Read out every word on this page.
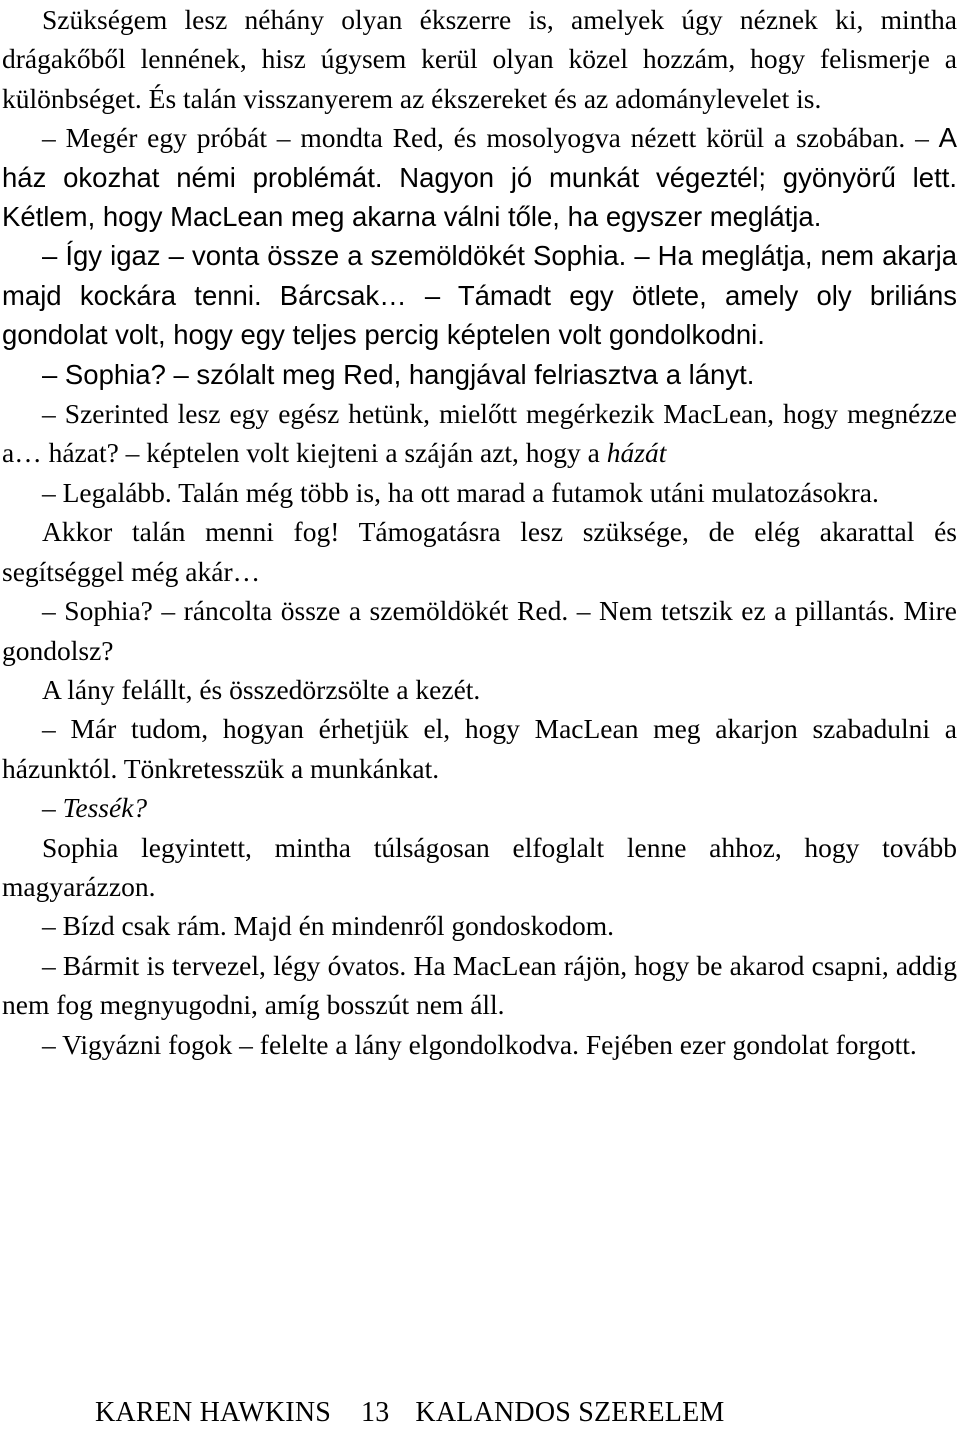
Szükségem lesz néhány olyan ékszerre is, amelyek úgy néznek ki, mintha drágakőből lennének, hisz úgysem kerül olyan közel hozzám, hogy felismerje a különbséget. És talán visszanyerem az ékszereket és az adománylevelet is.

– Megér egy próbát – mondta Red, és mosolyogva nézett körül a szobában. – A ház okozhat némi problémát. Nagyon jó munkát végeztél; gyönyörű lett. Kétlem, hogy MacLean meg akarna válni tőle, ha egyszer meglátja.

– Így igaz – vonta össze a szemöldökét Sophia. – Ha meglátja, nem akarja majd kockára tenni. Bárcsak… – Támadt egy ötlete, amely oly briliáns gondolat volt, hogy egy teljes percig képtelen volt gondolkodni.

– Sophia? – szólalt meg Red, hangjával felriasztva a lányt.

– Szerinted lesz egy egész hetünk, mielőtt megérkezik MacLean, hogy megnézze a… házat? – képtelen volt kiejteni a száján azt, hogy a házát

– Legalább. Talán még több is, ha ott marad a futamok utáni mulatozásokra.

Akkor talán menni fog! Támogatásra lesz szüksége, de elég akarattal és segítséggel még akár…

– Sophia? – ráncolta össze a szemöldökét Red. – Nem tetszik ez a pillantás. Mire gondolsz?

A lány felállt, és összedörzsölte a kezét.

– Már tudom, hogyan érhetjük el, hogy MacLean meg akarjon szabadulni a házunktól. Tönkretesszük a munkánkat.

– Tessék?

Sophia legyintett, mintha túlságosan elfoglalt lenne ahhoz, hogy tovább magyarázzon.

– Bízd csak rám. Majd én mindenről gondoskodom.

– Bármit is tervezel, légy óvatos. Ha MacLean rájön, hogy be akarod csapni, addig nem fog megnyugodni, amíg bosszút nem áll.

– Vigyázni fogok – felelte a lány elgondolkodva. Fejében ezer gondolat forgott.

KAREN HAWKINS 13 KALANDOS SZERELEM
